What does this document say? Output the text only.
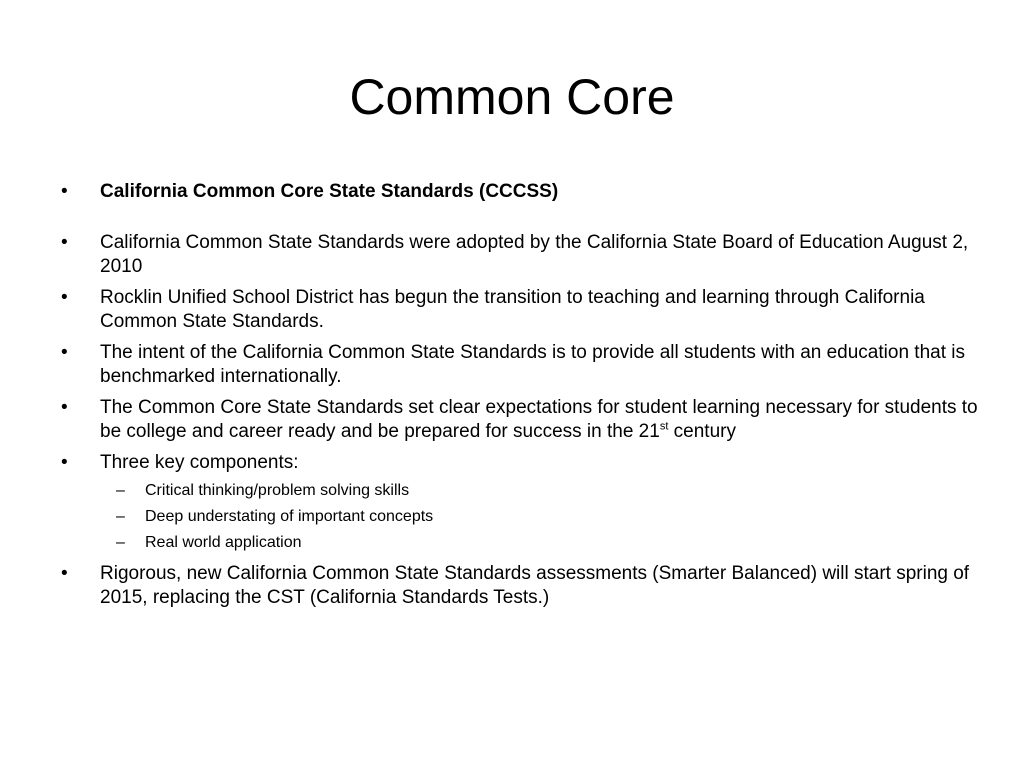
Common Core
• California Common Core State Standards (CCCSS)
• California Common State Standards were adopted by the California State Board of Education August 2, 2010
• Rocklin Unified School District has begun the transition to teaching and learning through California Common State Standards.
• The intent of the California Common State Standards is to provide all students with an education that is benchmarked internationally.
• The Common Core State Standards set clear expectations for student learning necessary for students to be college and career ready and be prepared for success in the 21st century
• Three key components:
– Critical thinking/problem solving skills
– Deep understating of important concepts
– Real world application
• Rigorous, new California Common State Standards assessments (Smarter Balanced) will start spring of 2015, replacing the CST (California Standards Tests.)
